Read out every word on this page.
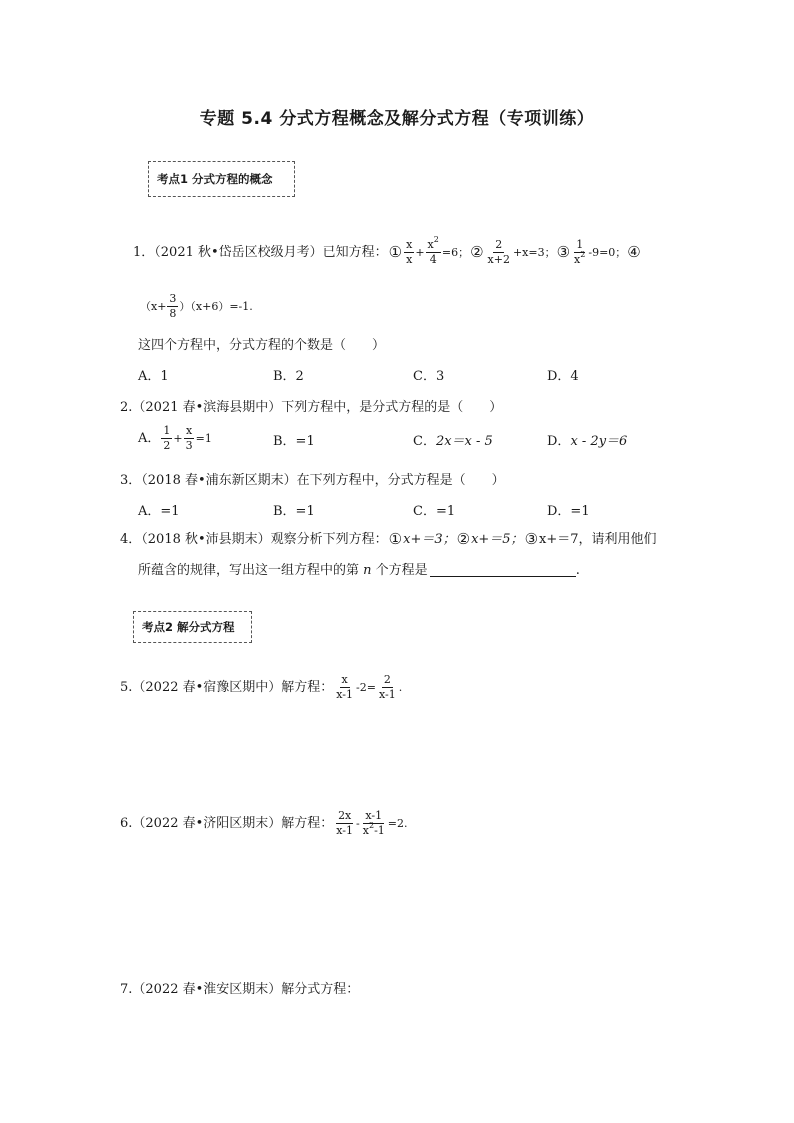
专题 5.4 分式方程概念及解分式方程（专项训练）
考点1 分式方程的概念
1．（2021 秋•岱岳区校级月考）已知方程： ① $\frac{x}{x} + \frac{x^2}{4} =6$； ② $\frac{2}{x+2} +x=3$； ③ $\frac{1}{x^2} -9=0$； ④
$(x+ \frac{3}{8} )(x+6)=-1$.
这四个方程中，分式方程的个数是（　　）
A．1	B．2	C．3	D．4
2.（2021 春•滨海县期中）下列方程中，是分式方程的是（　　）
A． $\frac{1}{2} + \frac{x}{3} =1$	B．=1	C．2x＝x - 5	D．x - 2y＝6
3．（2018 春•浦东新区期末）在下列方程中，分式方程是（　　）
A．=1	B．=1	C．=1	D．=1
4．（2018 秋•沛县期末）观察分析下列方程： ① x+＝3； ② x+＝5； ③ x+＝7，请利用他们
所蕴含的规律，写出这一组方程中的第
n
个方程是	.
考点2 解分式方程
5.（2022 春•宿豫区期中）解方程： $\frac{x}{x-1} -2= \frac{2}{x-1}$ .
6.（2022 春•济阳区期末）解方程： $\frac{2x}{x-1} - \frac{x-1}{x^2-1} =2$.
7.（2022 春•淮安区期末）解分式方程：
